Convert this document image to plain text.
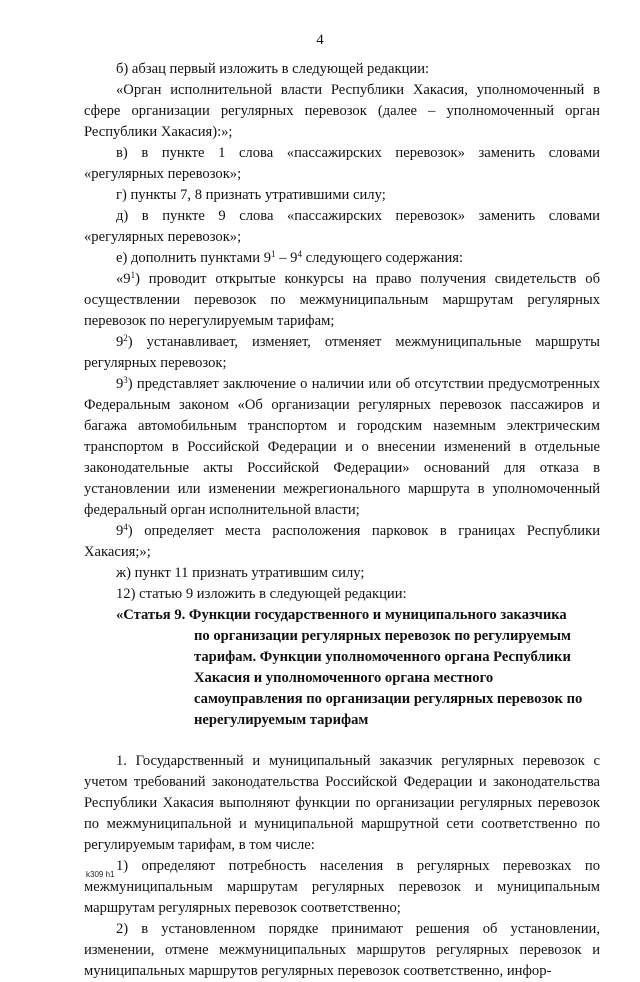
4

б) абзац первый изложить в следующей редакции:

«Орган исполнительной власти Республики Хакасия, уполномоченный в сфере организации регулярных перевозок (далее – уполномоченный орган Республики Хакасия):»;

в) в пункте 1 слова «пассажирских перевозок» заменить словами «регулярных перевозок»;

г) пункты 7, 8 признать утратившими силу;

д) в пункте 9 слова «пассажирских перевозок» заменить словами «регулярных перевозок»;

е) дополнить пунктами $9^1 - 9^4$ следующего содержания:

«$9^1$) проводит открытые конкурсы на право получения свидетельств об осуществлении перевозок по межмуниципальным маршрутам регулярных перевозок по нерегулируемым тарифам;

$9^2$) устанавливает, изменяет, отменяет межмуниципальные маршруты регулярных перевозок;

$9^3$) представляет заключение о наличии или об отсутствии предусмотренных Федеральным законом «Об организации регулярных перевозок пассажиров и багажа автомобильным транспортом и городским наземным электрическим транспортом в Российской Федерации и о внесении изменений в отдельные законодательные акты Российской Федерации» оснований для отказа в установлении или изменении межрегионального маршрута в уполномоченный федеральный орган исполнительной власти;

$9^4$) определяет места расположения парковок в границах Республики Хакасия;»;

ж) пункт 11 признать утратившим силу;

12) статью 9 изложить в следующей редакции:

«Статья 9. Функции государственного и муниципального заказчика
по организации регулярных перевозок по регулируемым тарифам. Функции уполномоченного органа Республики Хакасия и уполномоченного органа местного самоуправления по организации регулярных перевозок по нерегулируемым тарифам

1. Государственный и муниципальный заказчик регулярных перевозок с учетом требований законодательства Российской Федерации и законодательства Республики Хакасия выполняют функции по организации регулярных перевозок по межмуниципальной и муниципальной маршрутной сети соответственно по регулируемым тарифам, в том числе:

1) определяют потребность населения в регулярных перевозках по межмуниципальным маршрутам регулярных перевозок и муниципальным маршрутам регулярных перевозок соответственно;

2) в установленном порядке принимают решения об установлении, изменении, отмене межмуниципальных маршрутов регулярных перевозок и муниципальных маршрутов регулярных перевозок соответственно, инфор-

k309 h1
